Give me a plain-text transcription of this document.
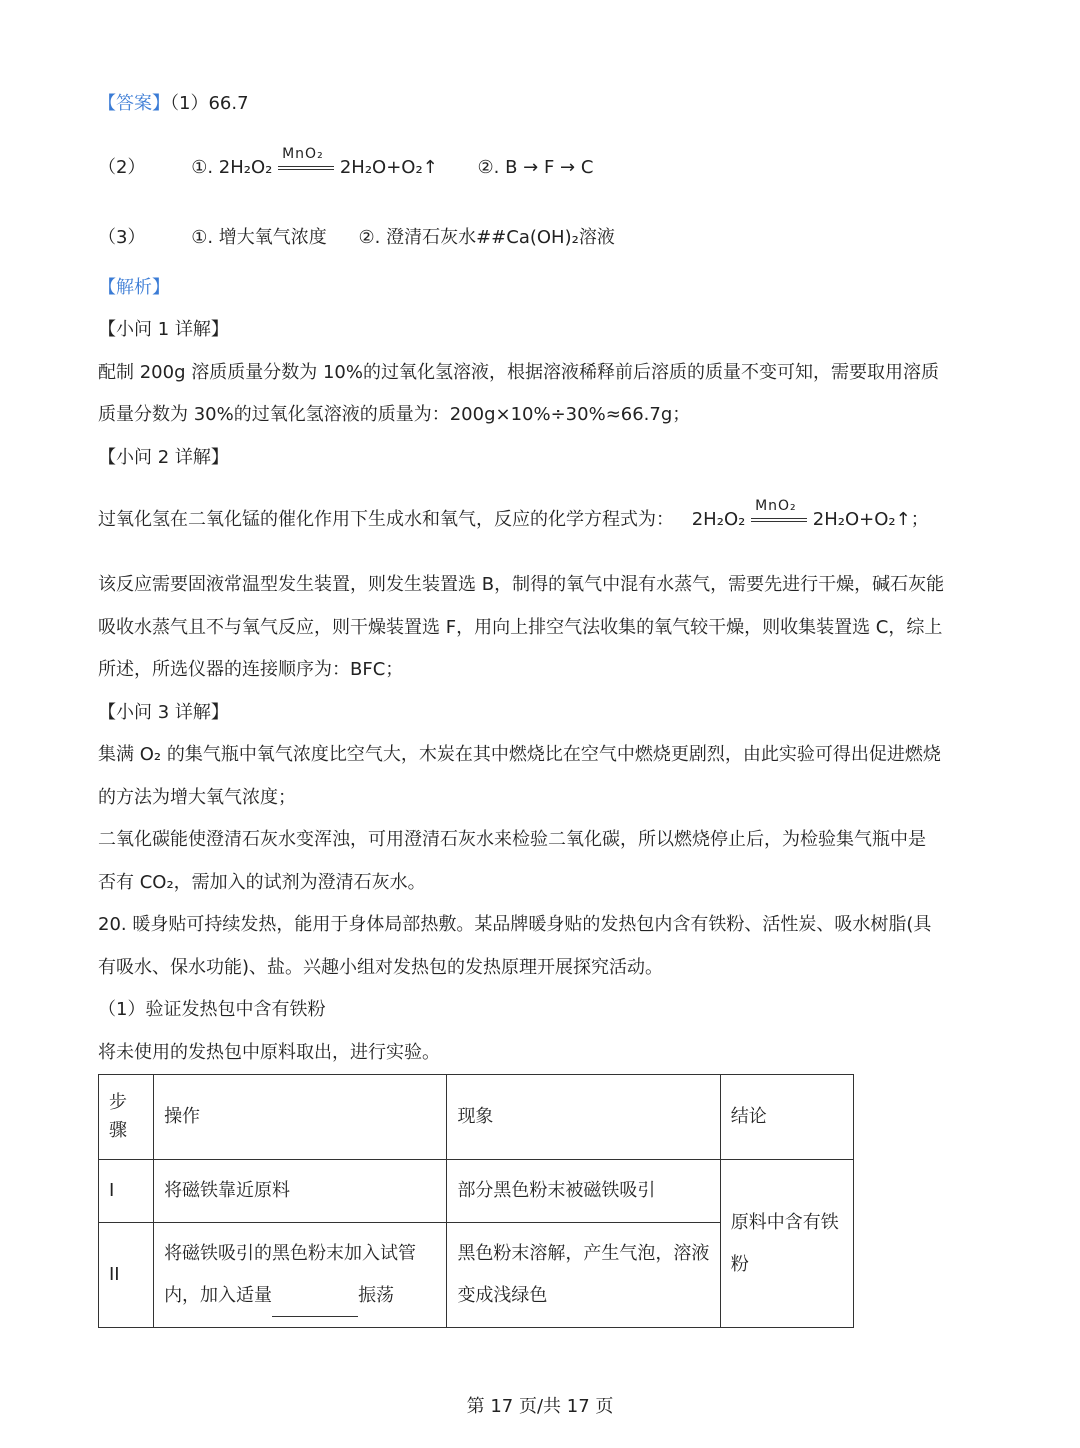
【答案】（1）66.7
（2）	①. 2H₂O₂
MnO₂
2H₂O+O₂↑ ②. B → F → C
（3）	①. 增大氧气浓度 ②. 澄清石灰水##Ca(OH)₂溶液
【解析】
【小问 1 详解】
配制 200g 溶质质量分数为 10%的过氧化氢溶液，根据溶液稀释前后溶质的质量不变可知，需要取用溶质
质量分数为 30%的过氧化氢溶液的质量为：200g×10%÷30%≈66.7g；
【小问 2 详解】
过氧化氢在二氧化锰的催化作用下生成水和氧气，反应的化学方程式为： 2H₂O₂
MnO₂
2H₂O+O₂↑；
该反应需要固液常温型发生装置，则发生装置选 B，制得的氧气中混有水蒸气，需要先进行干燥，碱石灰能
吸收水蒸气且不与氧气反应，则干燥装置选 F，用向上排空气法收集的氧气较干燥，则收集装置选 C，综上
所述，所选仪器的连接顺序为：BFC；
【小问 3 详解】
集满 O₂ 的集气瓶中氧气浓度比空气大，木炭在其中燃烧比在空气中燃烧更剧烈，由此实验可得出促进燃烧
的方法为增大氧气浓度；
二氧化碳能使澄清石灰水变浑浊，可用澄清石灰水来检验二氧化碳，所以燃烧停止后，为检验集气瓶中是
否有 CO₂，需加入的试剂为澄清石灰水。
20. 暖身贴可持续发热，能用于身体局部热敷。某品牌暖身贴的发热包内含有铁粉、活性炭、吸水树脂(具
有吸水、保水功能)、盐。兴趣小组对发热包的发热原理开展探究活动。
（1）验证发热包中含有铁粉
将未使用的发热包中原料取出，进行实验。
步骤	操作	现象	结论
I	将磁铁靠近原料	部分黑色粉末被磁铁吸引	原料中含有铁粉
II	将磁铁吸引的黑色粉末加入试管内，加入适量 振荡	黑色粉末溶解，产生气泡，溶液变成浅绿色	
第 17 页/共 17 页
